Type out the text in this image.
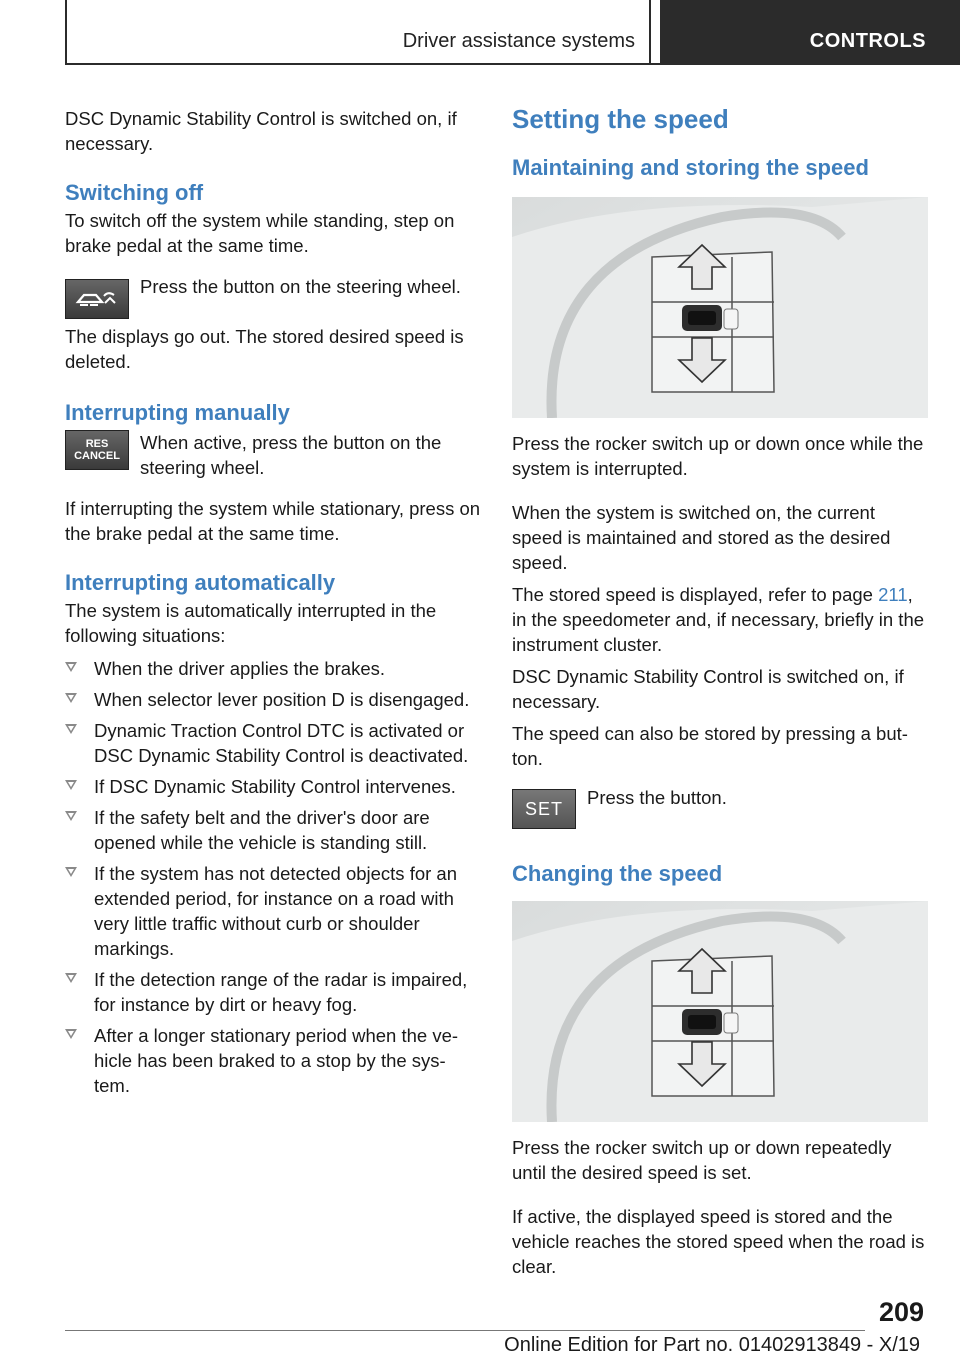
Driver assistance systems	CONTROLS

DSC Dynamic Stability Control is switched on, if necessary.

Switching off

To switch off the system while standing, step on brake pedal at the same time.

Press the button on the steering wheel.

The displays go out. The stored desired speed is deleted.

Interrupting manually
RES
CANCEL

When active, press the button on the steering wheel.

If interrupting the system while stationary, press on the brake pedal at the same time.

Interrupting automatically

The system is automatically interrupted in the following situations:

When the driver applies the brakes.
When selector lever position D is disengaged.
Dynamic Traction Control DTC is activated or DSC Dynamic Stability Control is deactivated.
If DSC Dynamic Stability Control intervenes.
If the safety belt and the driver's door are opened while the vehicle is standing still.
If the system has not detected objects for an extended period, for instance on a road with very little traffic without curb or shoulder markings.
If the detection range of the radar is impaired, for instance by dirt or heavy fog.
After a longer stationary period when the ve‐hicle has been braked to a stop by the sys‐tem.
Setting the speed
Maintaining and storing the speed

Press the rocker switch up or down once while the system is interrupted.

When the system is switched on, the current speed is maintained and stored as the desired speed.

The stored speed is displayed, refer to page 211, in the speedometer and, if necessary, briefly in the instrument cluster.

DSC Dynamic Stability Control is switched on, if necessary.

The speed can also be stored by pressing a but‐ton.

SET

Press the button.

Changing the speed

Press the rocker switch up or down repeatedly until the desired speed is set.

If active, the displayed speed is stored and the vehicle reaches the stored speed when the road is clear.

209
Online Edition for Part no. 01402913849 - X/19
